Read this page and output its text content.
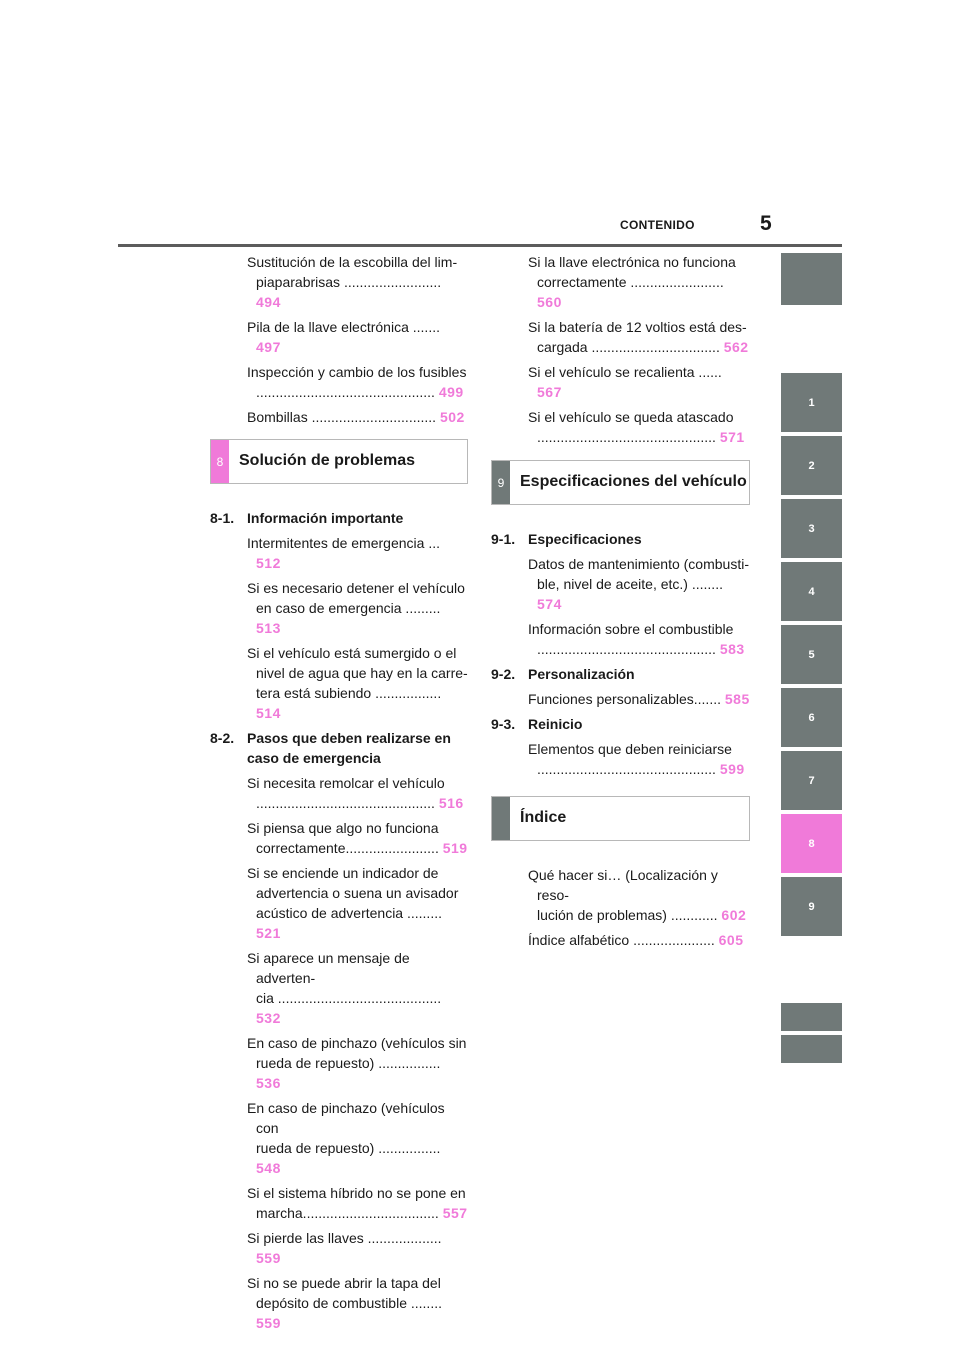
CONTENIDO	5
1
2
3
4
5
6
7
8
9
Sustitución de la escobilla del lim-
piaparabrisas ......................... 494
Pila de la llave electrónica ....... 497
Inspección y cambio de los fusibles
.............................................. 499
Bombillas ................................ 502
8 Solución de problemas
8-1. Información importante
Intermitentes de emergencia ... 512
Si es necesario detener el vehículo
en caso de emergencia ......... 513
Si el vehículo está sumergido o el
nivel de agua que hay en la carre-
tera está subiendo ................. 514
8-2. Pasos que deben realizarse en
caso de emergencia
Si necesita remolcar el vehículo
.............................................. 516
Si piensa que algo no funciona
correctamente........................ 519
Si se enciende un indicador de
advertencia o suena un avisador
acústico de advertencia ......... 521
Si aparece un mensaje de adverten-
cia .......................................... 532
En caso de pinchazo (vehículos sin
rueda de repuesto) ................ 536
En caso de pinchazo (vehículos con
rueda de repuesto) ................ 548
Si el sistema híbrido no se pone en
marcha................................... 557
Si pierde las llaves ................... 559
Si no se puede abrir la tapa del
depósito de combustible ........ 559
Si la llave electrónica no funciona
correctamente ........................ 560
Si la batería de 12 voltios está des-
cargada ................................. 562
Si el vehículo se recalienta ...... 567
Si el vehículo se queda atascado
.............................................. 571
9 Especificaciones del vehículo
9-1. Especificaciones
Datos de mantenimiento (combusti-
ble, nivel de aceite, etc.) ........ 574
Información sobre el combustible
.............................................. 583
9-2. Personalización
Funciones personalizables....... 585
9-3. Reinicio
Elementos que deben reiniciarse
.............................................. 599
Índice
Qué hacer si… (Localización y reso-
lución de problemas) ............ 602
Índice alfabético ..................... 605
